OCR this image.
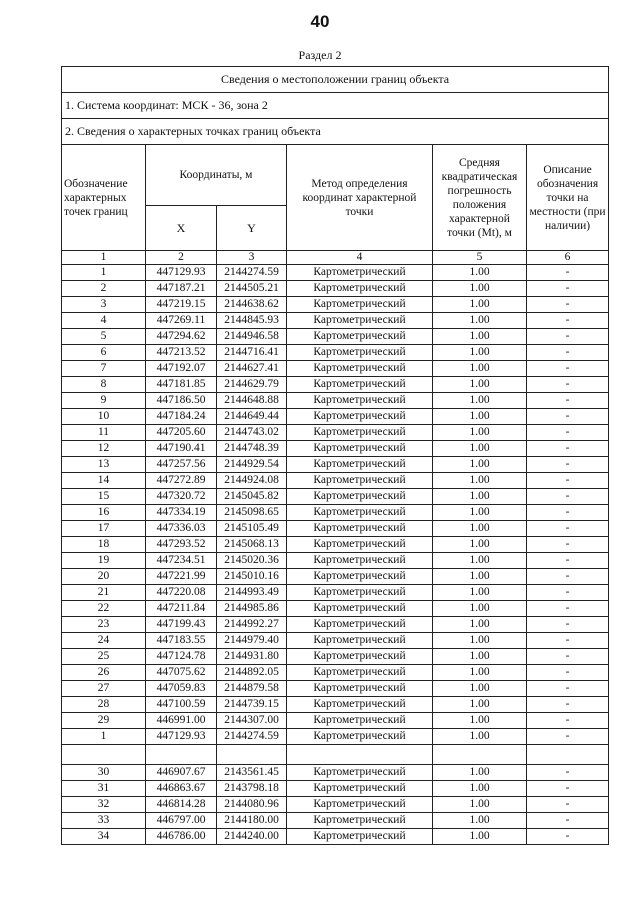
40
Раздел 2
Сведения о местоположении границ объекта					
1. Система координат: МСК - 36, зона 2					
2. Сведения о характерных точках границ объекта					
Обозначение характерных точек границ	Координаты, м		Метод определения координат характерной точки	Средняя квадратическая погрешность положения характерной точки (Mt), м	Описание обозначения точки на местности (при наличии)
	X	Y			
1	2	3	4	5	6
1	447129.93	2144274.59	Картометрический	1.00	-
2	447187.21	2144505.21	Картометрический	1.00	-
3	447219.15	2144638.62	Картометрический	1.00	-
4	447269.11	2144845.93	Картометрический	1.00	-
5	447294.62	2144946.58	Картометрический	1.00	-
6	447213.52	2144716.41	Картометрический	1.00	-
7	447192.07	2144627.41	Картометрический	1.00	-
8	447181.85	2144629.79	Картометрический	1.00	-
9	447186.50	2144648.88	Картометрический	1.00	-
10	447184.24	2144649.44	Картометрический	1.00	-
11	447205.60	2144743.02	Картометрический	1.00	-
12	447190.41	2144748.39	Картометрический	1.00	-
13	447257.56	2144929.54	Картометрический	1.00	-
14	447272.89	2144924.08	Картометрический	1.00	-
15	447320.72	2145045.82	Картометрический	1.00	-
16	447334.19	2145098.65	Картометрический	1.00	-
17	447336.03	2145105.49	Картометрический	1.00	-
18	447293.52	2145068.13	Картометрический	1.00	-
19	447234.51	2145020.36	Картометрический	1.00	-
20	447221.99	2145010.16	Картометрический	1.00	-
21	447220.08	2144993.49	Картометрический	1.00	-
22	447211.84	2144985.86	Картометрический	1.00	-
23	447199.43	2144992.27	Картометрический	1.00	-
24	447183.55	2144979.40	Картометрический	1.00	-
25	447124.78	2144931.80	Картометрический	1.00	-
26	447075.62	2144892.05	Картометрический	1.00	-
27	447059.83	2144879.58	Картометрический	1.00	-
28	447100.59	2144739.15	Картометрический	1.00	-
29	446991.00	2144307.00	Картометрический	1.00	-
1	447129.93	2144274.59	Картометрический	1.00	-

30	446907.67	2143561.45	Картометрический	1.00	-
31	446863.67	2143798.18	Картометрический	1.00	-
32	446814.28	2144080.96	Картометрический	1.00	-
33	446797.00	2144180.00	Картометрический	1.00	-
34	446786.00	2144240.00	Картометрический	1.00	-
